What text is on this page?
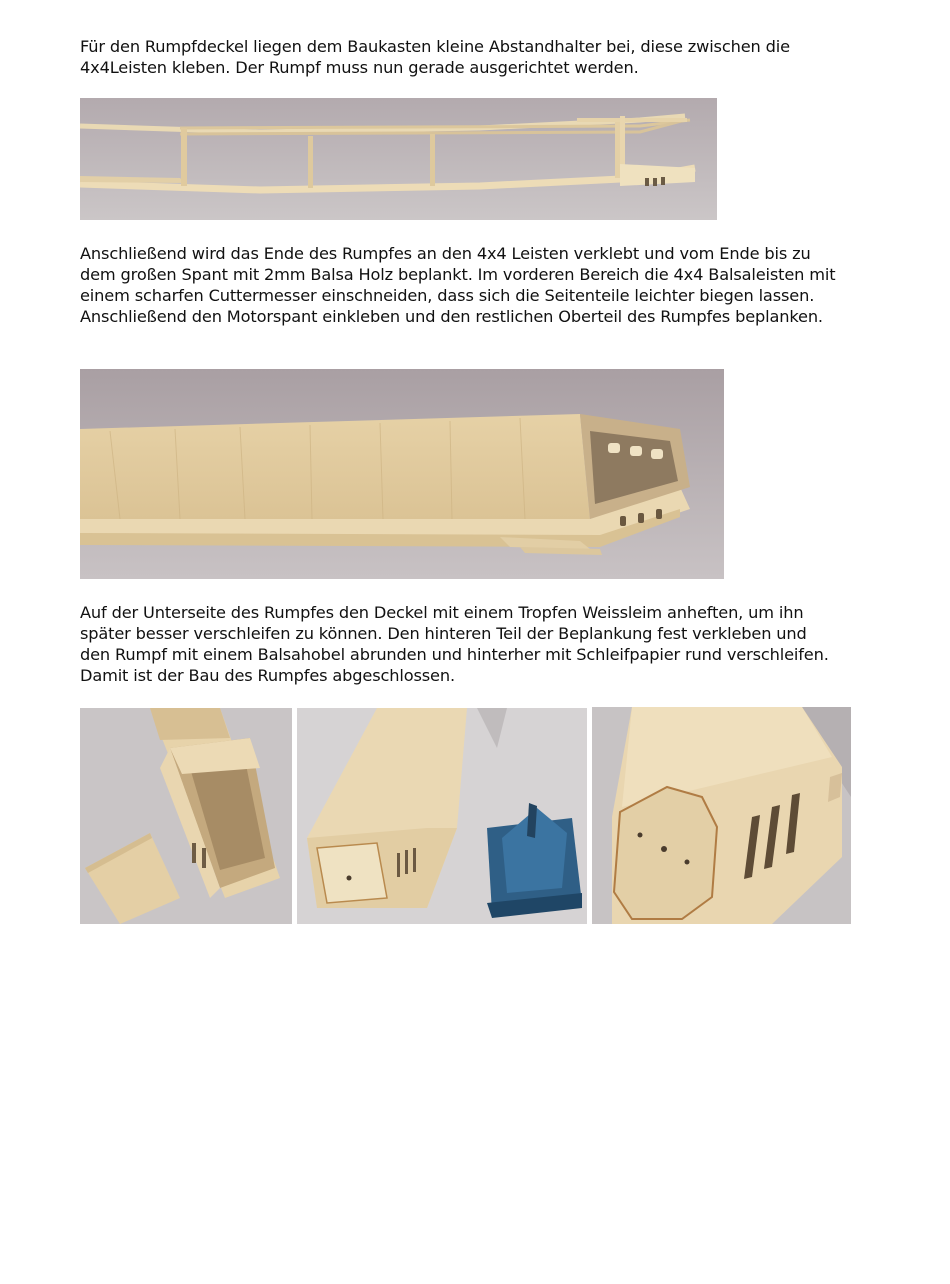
Für den Rumpfdeckel liegen dem Baukasten kleine Abstandhalter bei, diese zwischen die
4x4Leisten kleben. Der Rumpf muss nun gerade ausgerichtet werden.

Anschließend wird das Ende des Rumpfes an den 4x4 Leisten verklebt und vom Ende bis zu
dem großen Spant mit 2mm Balsa Holz beplankt. Im vorderen Bereich die 4x4 Balsaleisten mit
einem scharfen Cuttermesser einschneiden, dass sich die Seitenteile leichter biegen lassen.
Anschließend den Motorspant einkleben und den restlichen Oberteil des Rumpfes beplanken.

Auf der Unterseite des Rumpfes den Deckel mit einem Tropfen Weissleim anheften, um ihn
später besser verschleifen zu können. Den hinteren Teil der Beplankung fest verkleben und
den Rumpf mit einem Balsahobel abrunden und hinterher mit Schleifpapier rund verschleifen.
Damit ist der Bau des Rumpfes abgeschlossen.
